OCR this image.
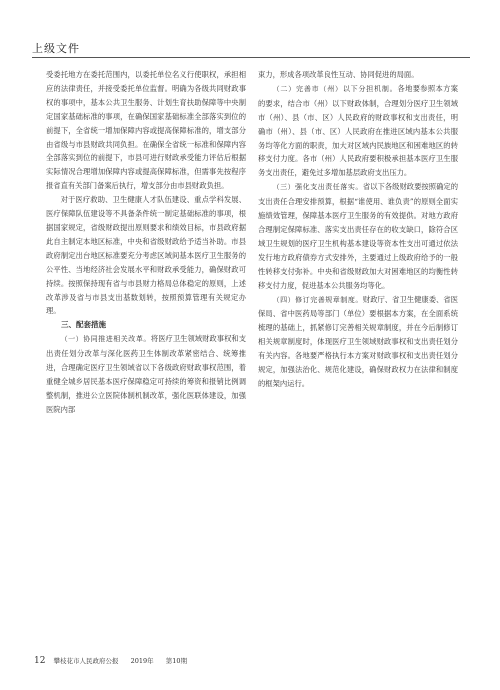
上级文件

受委托地方在委托范围内，以委托单位名义行使职权，承担相应的法律责任，并接受委托单位监督。明确为各级共同财政事权的事项中，基本公共卫生服务、计划生育扶助保障等中央制定国家基础标准的事项，在确保国家基础标准全部落实到位的前提下，全省统一增加保障内容或提高保障标准的，增支部分由省级与市县财政共同负担。在确保全省统一标准和保障内容全部落实到位的前提下，市县可进行财政承受能力评估后根据实际情况合理增加保障内容或提高保障标准，但需事先按程序报省直有关部门备案后执行，增支部分由市县财政负担。

对于医疗救助、卫生健康人才队伍建设、重点学科发展、医疗保障队伍建设等不具备条件统一制定基础标准的事项，根据国家规定，省级财政提出原则要求和绩效目标，市县政府据此自主制定本地区标准，中央和省级财政给予适当补助。市县政府制定出台地区标准要充分考虑区域间基本医疗卫生服务的公平性、当地经济社会发展水平和财政承受能力，确保财政可持续。按照保持现有省与市县财力格局总体稳定的原则，上述改革涉及省与市县支出基数划转，按照预算管理有关规定办理。

三、配套措施

（一）协同推进相关改革。将医疗卫生领域财政事权和支出责任划分改革与深化医药卫生体制改革紧密结合、统筹推进，合理确定医疗卫生领域省以下各级政府财政事权范围，着重健全城乡居民基本医疗保障稳定可持续的筹资和报销比例调整机制，推进公立医院体制机制改革，强化医联体建设，加强医院内部

束力，形成各项改革良性互动、协同促进的局面。

（二）完善市（州）以下分担机制。各地要参照本方案的要求，结合市（州）以下财政体制，合理划分医疗卫生领域市（州）、县（市、区）人民政府的财政事权和支出责任，明确市（州）、县（市、区）人民政府在推进区域内基本公共服务均等化方面的职责，加大对区域内民族地区和困难地区的转移支付力度。各市（州）人民政府要积极承担基本医疗卫生服务支出责任，避免过多增加基层政府支出压力。

（三）强化支出责任落实。省以下各级财政要按照确定的支出责任合理安排预算，根据“谁使用、谁负责”的原则全面实施绩效管理，保障基本医疗卫生服务的有效提供。对地方政府合理制定保障标准、落实支出责任存在的收支缺口，除符合区域卫生规划的医疗卫生机构基本建设等资本性支出可通过依法发行地方政府债券方式安排外，主要通过上级政府给予的一般性转移支付弥补。中央和省级财政加大对困难地区的均衡性转移支付力度，促进基本公共服务均等化。

（四）修订完善规章制度。财政厅、省卫生健康委、省医保局、省中医药局等部门（单位）要根据本方案，在全面系统梳理的基础上，抓紧修订完善相关规章制度，并在今后制修订相关规章制度时，体现医疗卫生领域财政事权和支出责任划分有关内容。各地要严格执行本方案对财政事权和支出责任划分规定，加强法治化、规范化建设，确保财政权力在法律和制度的框架内运行。

12 攀枝花市人民政府公报 2019年 第10期
